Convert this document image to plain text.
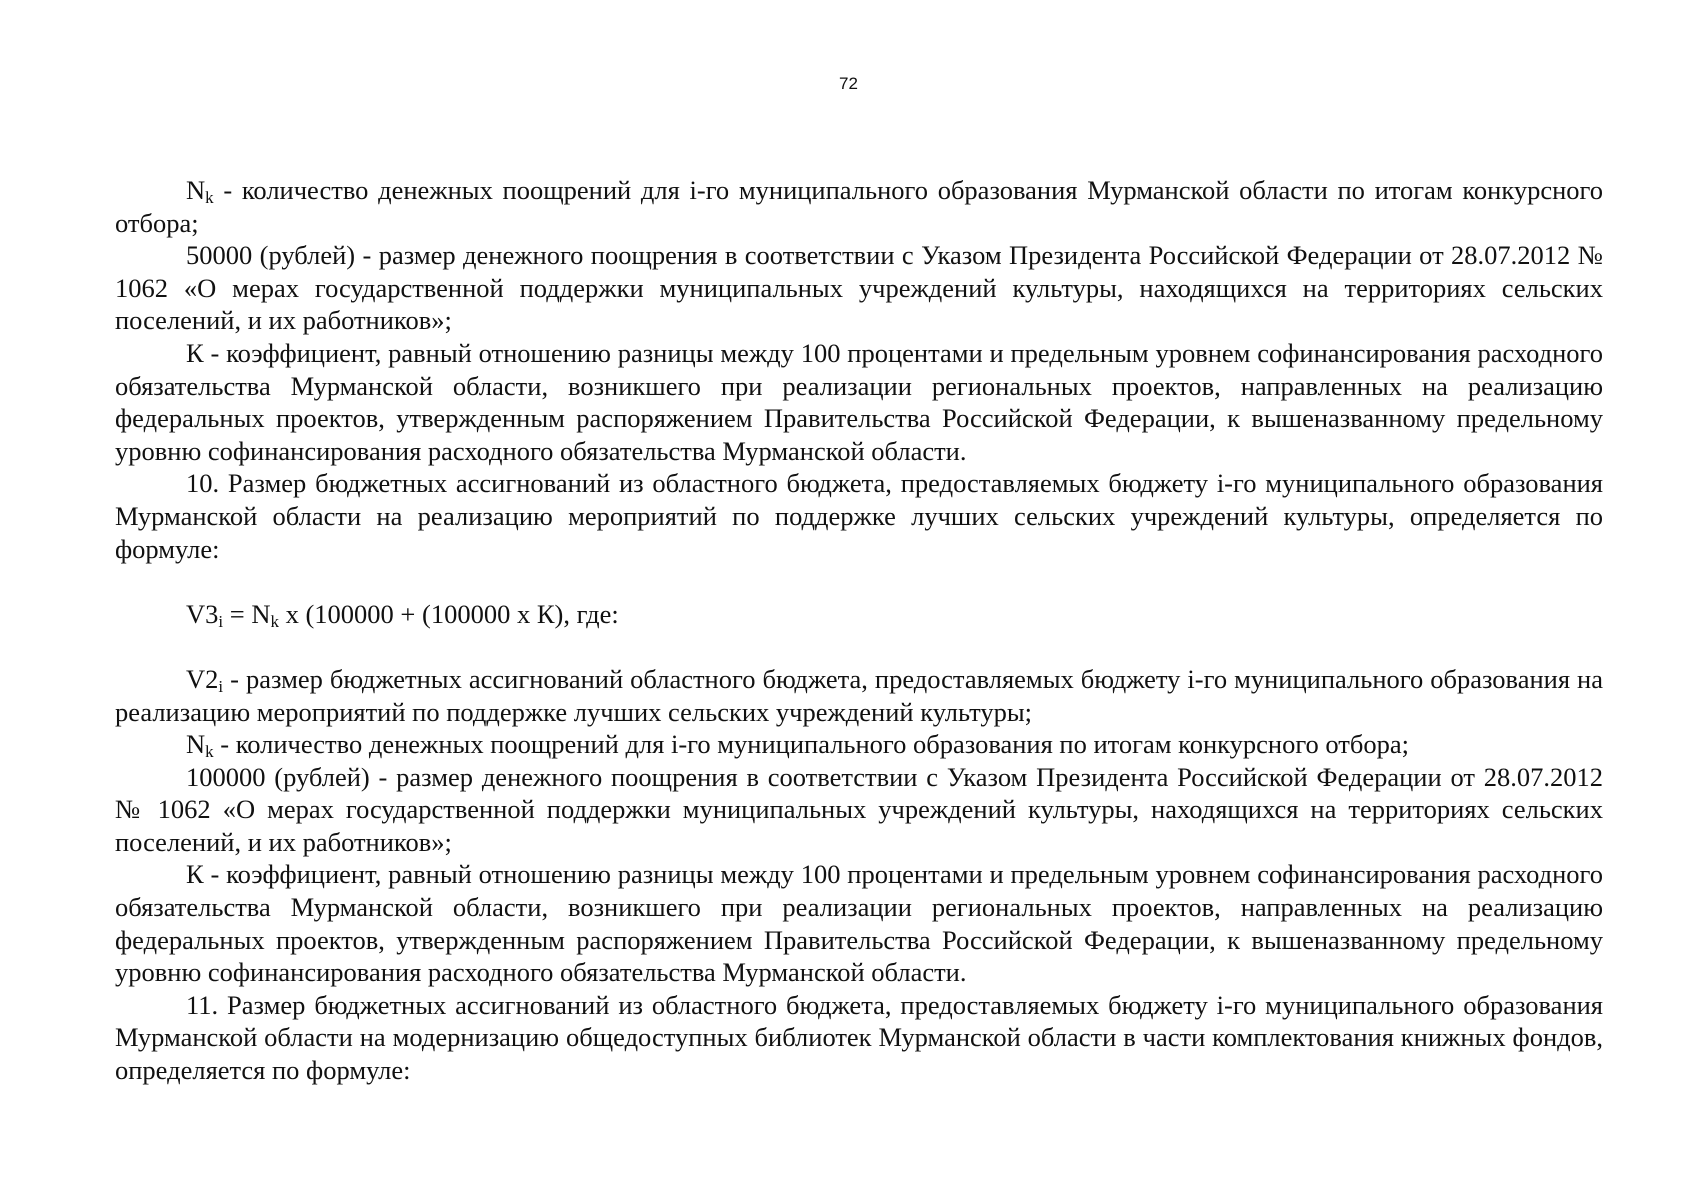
72

$N_k$ - количество денежных поощрений для i-го муниципального образования Мурманской области по итогам конкурсного отбора;

50000 (рублей) - размер денежного поощрения в соответствии с Указом Президента Российской Федерации от 28.07.2012 № 1062 «О мерах государственной поддержки муниципальных учреждений культуры, находящихся на территориях сельских поселений, и их работников»;

К - коэффициент, равный отношению разницы между 100 процентами и предельным уровнем софинансирования расходного обязательства Мурманской области, возникшего при реализации региональных проектов, направленных на реализацию федеральных проектов, утвержденным распоряжением Правительства Российской Федерации, к вышеназванному предельному уровню софинансирования расходного обязательства Мурманской области.

10. Размер бюджетных ассигнований из областного бюджета, предоставляемых бюджету i-го муниципального образования Мурманской области на реализацию мероприятий по поддержке лучших сельских учреждений культуры, определяется по формуле:

$V3_i = N_k$ x (100000 + (100000 x К), где:

$V2_i$ - размер бюджетных ассигнований областного бюджета, предоставляемых бюджету i-го муниципального образования на реализацию мероприятий по поддержке лучших сельских учреждений культуры;

$N_k$ - количество денежных поощрений для i-го муниципального образования по итогам конкурсного отбора;

100000 (рублей) - размер денежного поощрения в соответствии с Указом Президента Российской Федерации от 28.07.2012 № 1062 «О мерах государственной поддержки муниципальных учреждений культуры, находящихся на территориях сельских поселений, и их работников»;

К - коэффициент, равный отношению разницы между 100 процентами и предельным уровнем софинансирования расходного обязательства Мурманской области, возникшего при реализации региональных проектов, направленных на реализацию федеральных проектов, утвержденным распоряжением Правительства Российской Федерации, к вышеназванному предельному уровню софинансирования расходного обязательства Мурманской области.

11. Размер бюджетных ассигнований из областного бюджета, предоставляемых бюджету i-го муниципального образования Мурманской области на модернизацию общедоступных библиотек Мурманской области в части комплектования книжных фондов, определяется по формуле:
